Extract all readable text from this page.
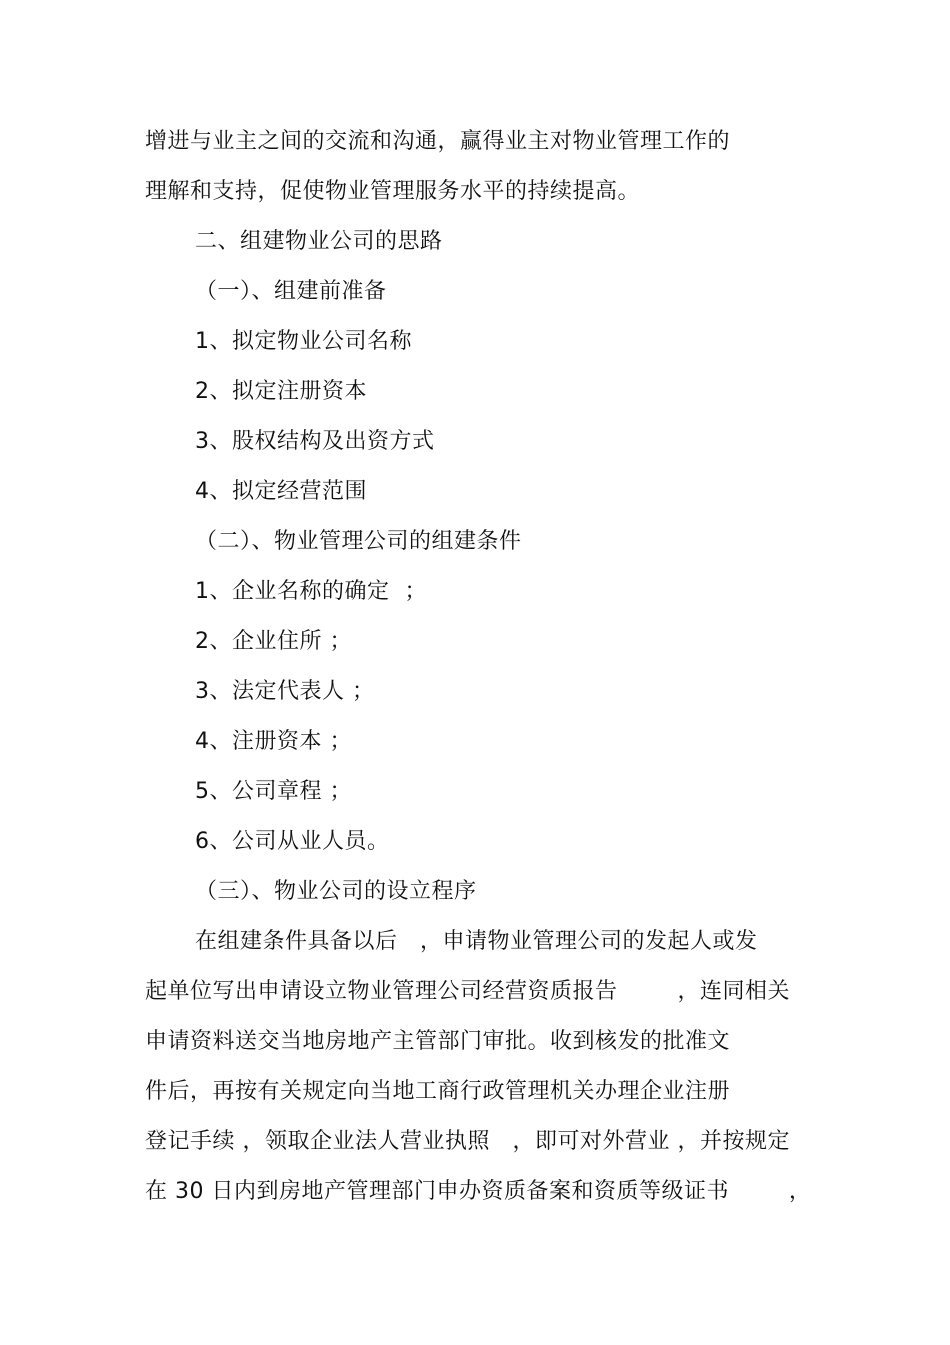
增进与业主之间的交流和沟通，赢得业主对物业管理工作的
理解和支持，促使物业管理服务水平的持续提高。
二、组建物业公司的思路
（一）、组建前准备
1、拟定物业公司名称
2、拟定注册资本
3、股权结构及出资方式
4、拟定经营范围
（二）、物业管理公司的组建条件
1、企业名称的确定  ；
2、企业住所 ；
3、法定代表人 ；
4、注册资本 ；
5、公司章程 ；
6、公司从业人员。
（三）、物业公司的设立程序
在组建条件具备以后   ，申请物业管理公司的发起人或发
起单位写出申请设立物业管理公司经营资质报告        ，连同相关
申请资料送交当地房地产主管部门审批。收到核发的批准文
件后，再按有关规定向当地工商行政管理机关办理企业注册
登记手续 ，领取企业法人营业执照   ，即可对外营业 ，并按规定
在 30 日内到房地产管理部门申办资质备案和资质等级证书        ，
